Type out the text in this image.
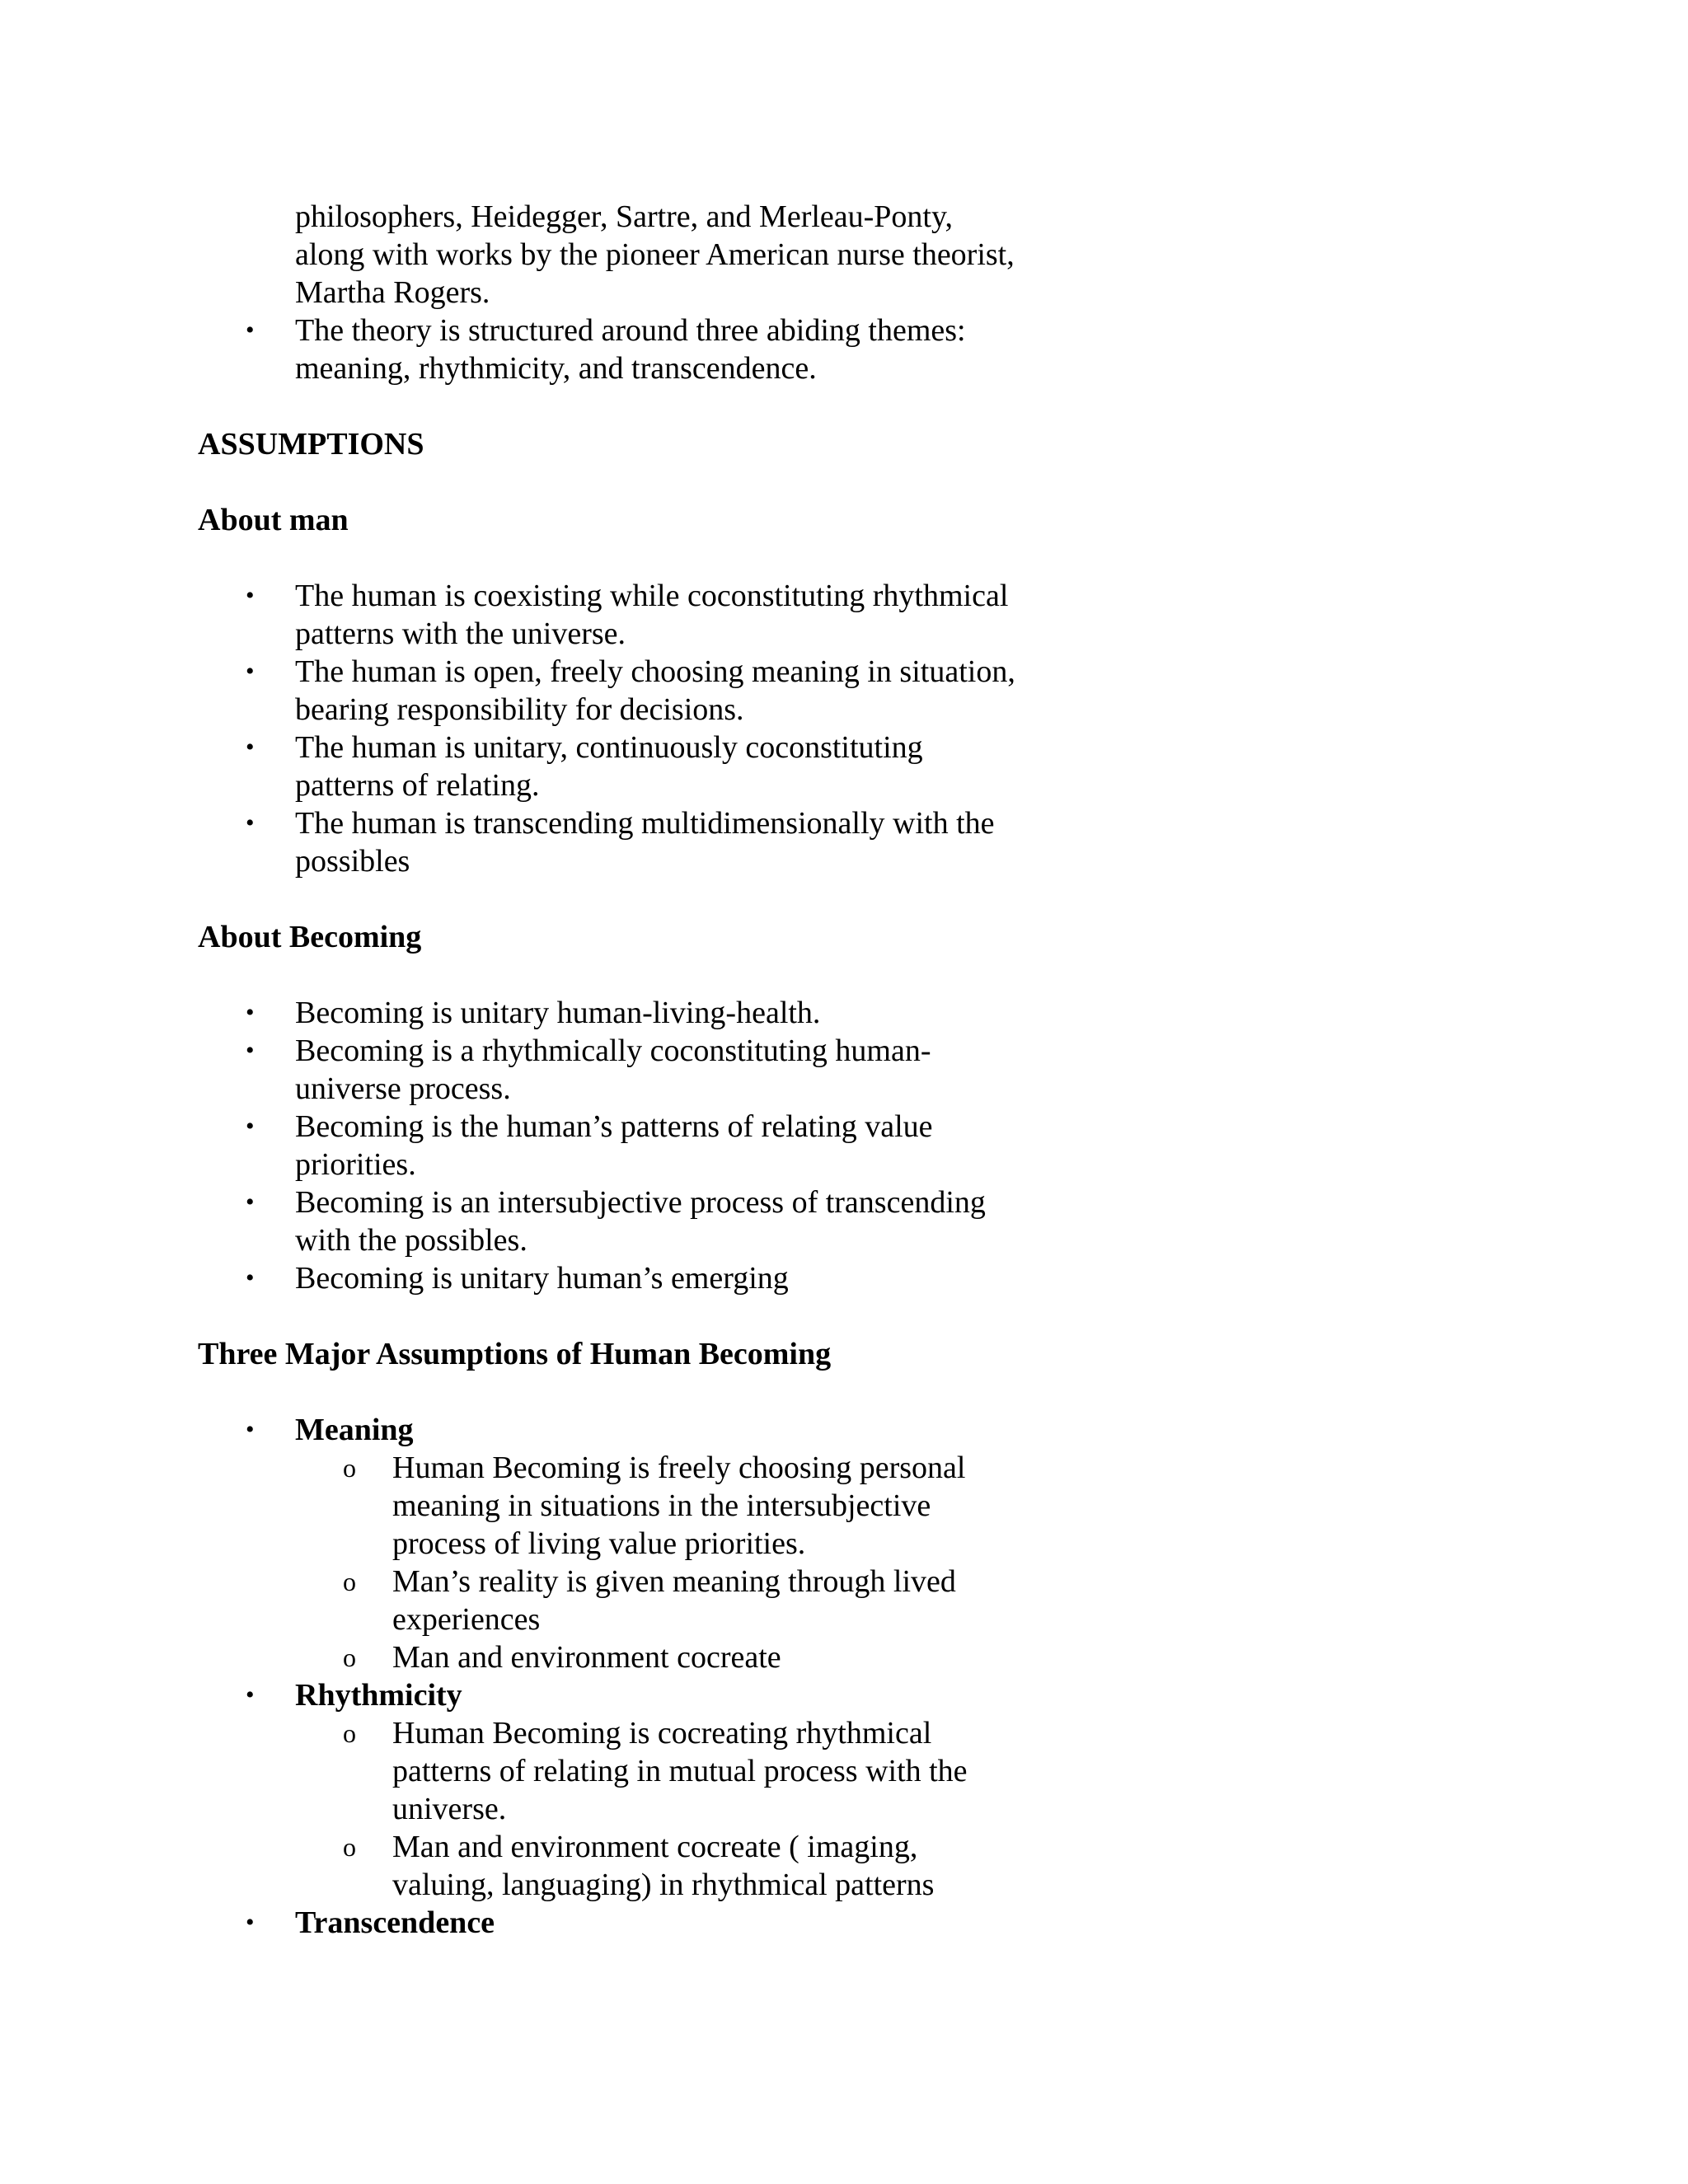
philosophers, Heidegger, Sartre, and Merleau-Ponty, along with works by the pioneer American nurse theorist, Martha Rogers.
• The theory is structured around three abiding themes: meaning, rhythmicity, and transcendence.

ASSUMPTIONS

About man

• The human is coexisting while coconstituting rhythmical patterns with the universe.
• The human is open, freely choosing meaning in situation, bearing responsibility for decisions.
• The human is unitary, continuously coconstituting patterns of relating.
• The human is transcending multidimensionally with the possibles

About Becoming

• Becoming is unitary human-living-health.
• Becoming is a rhythmically coconstituting human-universe process.
• Becoming is the human’s patterns of relating value priorities.
• Becoming is an intersubjective process of transcending with the possibles.
• Becoming is unitary human’s emerging

Three Major Assumptions of Human Becoming

• Meaning
o Human Becoming is freely choosing personal meaning in situations in the intersubjective process of living value priorities.
o Man’s reality is given meaning through lived experiences
o Man and environment cocreate
• Rhythmicity
o Human Becoming is cocreating rhythmical patterns of relating in mutual process with the universe.
o Man and environment cocreate ( imaging, valuing, languaging) in rhythmical patterns
• Transcendence
